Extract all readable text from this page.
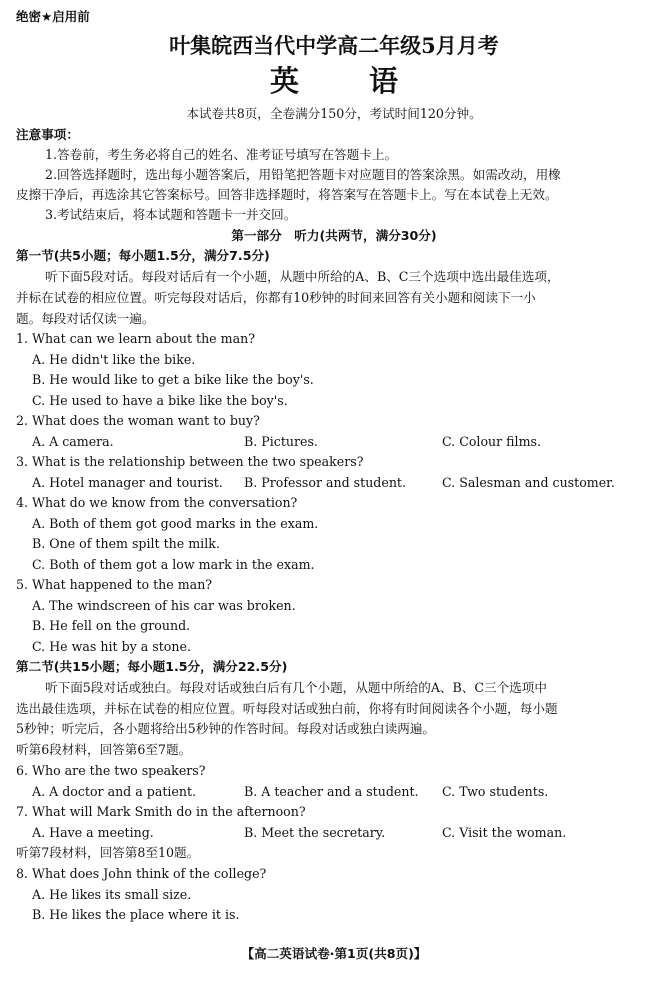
绝密★启用前
叶集皖西当代中学高二年级5月月考
英 语
本试卷共8页，全卷满分150分，考试时间120分钟。
注意事项：
1.答卷前，考生务必将自己的姓名、准考证号填写在答题卡上。
2.回答选择题时，选出每小题答案后，用铅笔把答题卡对应题目的答案涂黑。如需改动，用橡
皮擦干净后，再选涂其它答案标号。回答非选择题时，将答案写在答题卡上。写在本试卷上无效。
3.考试结束后，将本试题和答题卡一并交回。
第一部分　听力(共两节，满分30分)
第一节(共5小题；每小题1.5分，满分7.5分)
听下面5段对话。每段对话后有一个小题，从题中所给的A、B、C三个选项中选出最佳选项，
并标在试卷的相应位置。听完每段对话后，你都有10秒钟的时间来回答有关小题和阅读下一小
题。每段对话仅读一遍。
1. What can we learn about the man?
A. He didn't like the bike.
B. He would like to get a bike like the boy's.
C. He used to have a bike like the boy's.
2. What does the woman want to buy?
A. A camera.	B. Pictures.	C. Colour films.
3. What is the relationship between the two speakers?
A. Hotel manager and tourist. B. Professor and student.	C. Salesman and customer.
4. What do we know from the conversation?
A. Both of them got good marks in the exam.
B. One of them spilt the milk.
C. Both of them got a low mark in the exam.
5. What happened to the man?
A. The windscreen of his car was broken.
B. He fell on the ground.
C. He was hit by a stone.
第二节(共15小题；每小题1.5分，满分22.5分)
听下面5段对话或独白。每段对话或独白后有几个小题，从题中所给的A、B、C三个选项中
选出最佳选项，并标在试卷的相应位置。听每段对话或独白前，你将有时间阅读各个小题，每小题
5秒钟；听完后，各小题将给出5秒钟的作答时间。每段对话或独白读两遍。
听第6段材料，回答第6至7题。
6. Who are the two speakers?
A. A doctor and a patient.	B. A teacher and a student. C. Two students.
7. What will Mark Smith do in the afternoon?
A. Have a meeting.	B. Meet the secretary.	C. Visit the woman.
听第7段材料，回答第8至10题。
8. What does John think of the college?
A. He likes its small size.
B. He likes the place where it is.
【高二英语试卷·第1页(共8页)】
